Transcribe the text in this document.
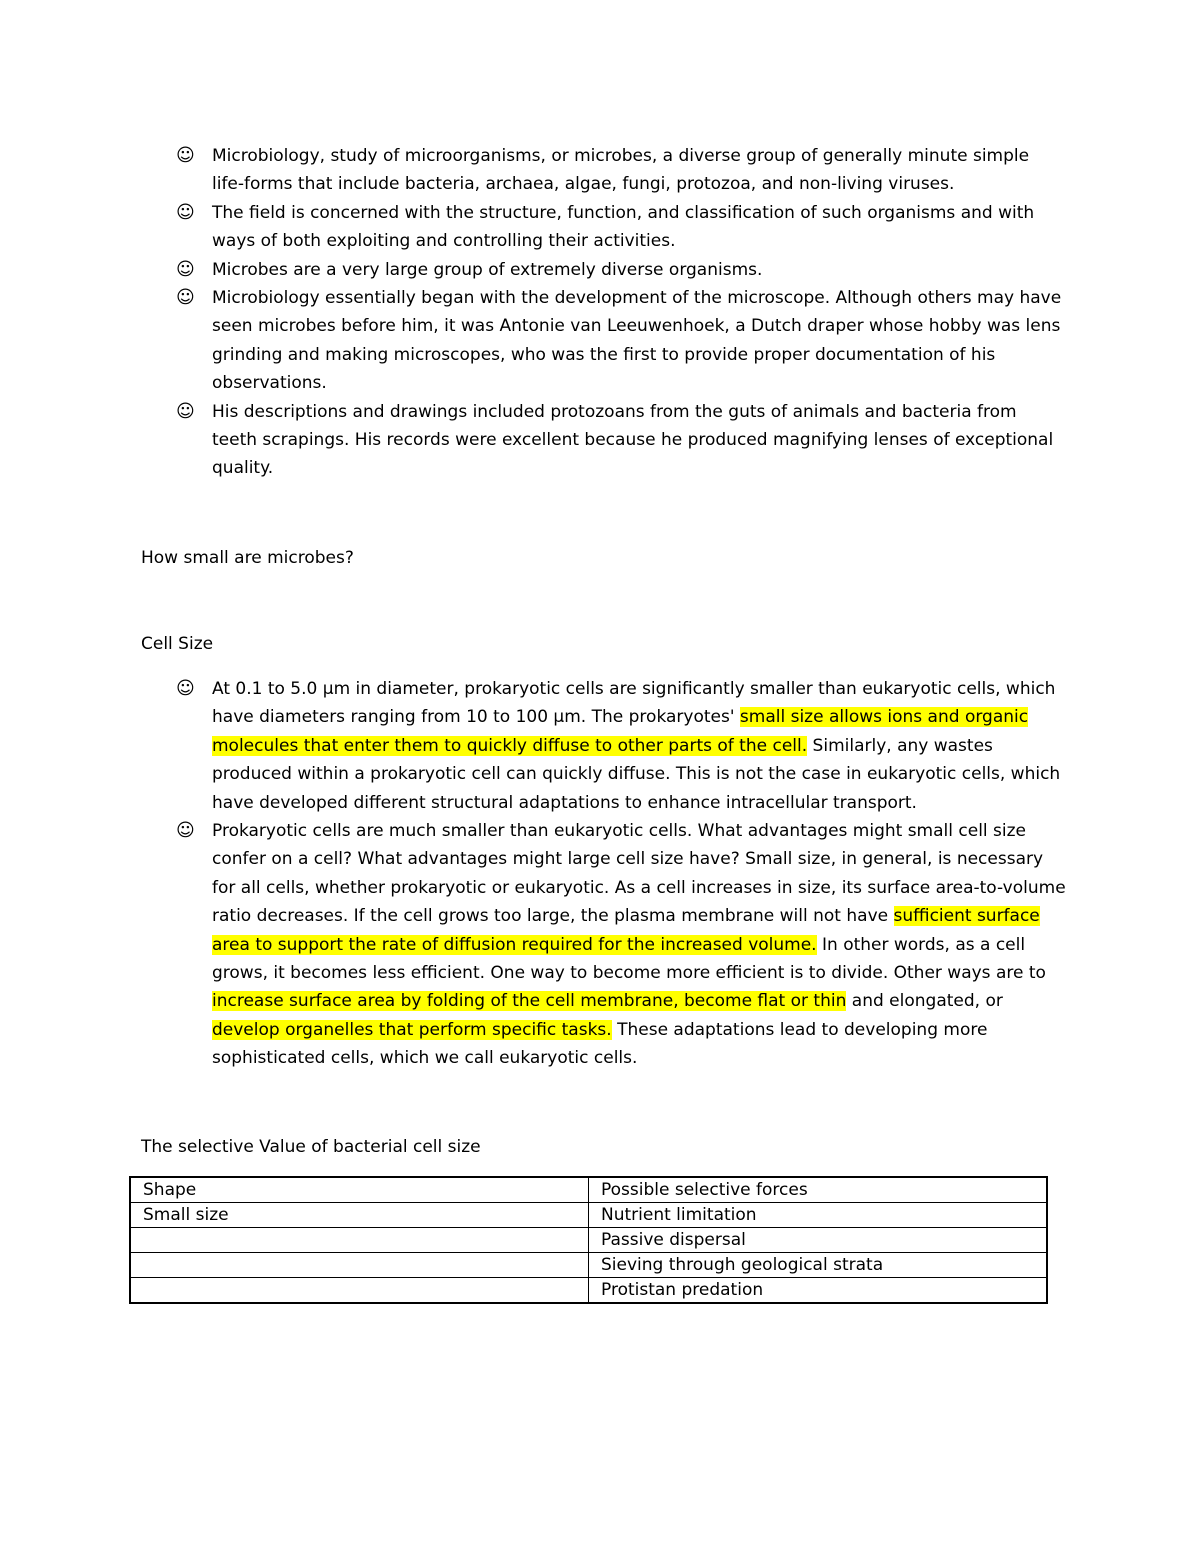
☺	Microbiology, study of microorganisms, or microbes, a diverse group of generally minute simple life-forms that include bacteria, archaea, algae, fungi, protozoa, and non-living viruses.
☺	The field is concerned with the structure, function, and classification of such organisms and with ways of both exploiting and controlling their activities.
☺	Microbes are a very large group of extremely diverse organisms.
☺	Microbiology essentially began with the development of the microscope. Although others may have seen microbes before him, it was Antonie van Leeuwenhoek, a Dutch draper whose hobby was lens grinding and making microscopes, who was the first to provide proper documentation of his observations.
☺	His descriptions and drawings included protozoans from the guts of animals and bacteria from teeth scrapings. His records were excellent because he produced magnifying lenses of exceptional quality.
How small are microbes?
Cell Size
☺	At 0.1 to 5.0 μm in diameter, prokaryotic cells are significantly smaller than eukaryotic cells, which have diameters ranging from 10 to 100 μm. The prokaryotes' small size allows ions and organic molecules that enter them to quickly diffuse to other parts of the cell. Similarly, any wastes produced within a prokaryotic cell can quickly diffuse. This is not the case in eukaryotic cells, which have developed different structural adaptations to enhance intracellular transport.
☺	Prokaryotic cells are much smaller than eukaryotic cells. What advantages might small cell size confer on a cell? What advantages might large cell size have? Small size, in general, is necessary for all cells, whether prokaryotic or eukaryotic. As a cell increases in size, its surface area-to-volume ratio decreases. If the cell grows too large, the plasma membrane will not have sufficient surface area to support the rate of diffusion required for the increased volume. In other words, as a cell grows, it becomes less efficient. One way to become more efficient is to divide. Other ways are to increase surface area by folding of the cell membrane, become flat or thin and elongated, or develop organelles that perform specific tasks. These adaptations lead to developing more sophisticated cells, which we call eukaryotic cells.
The selective Value of bacterial cell size
Shape	Possible selective forces
Small size	Nutrient limitation
	Passive dispersal
	Sieving through geological strata
	Protistan predation
